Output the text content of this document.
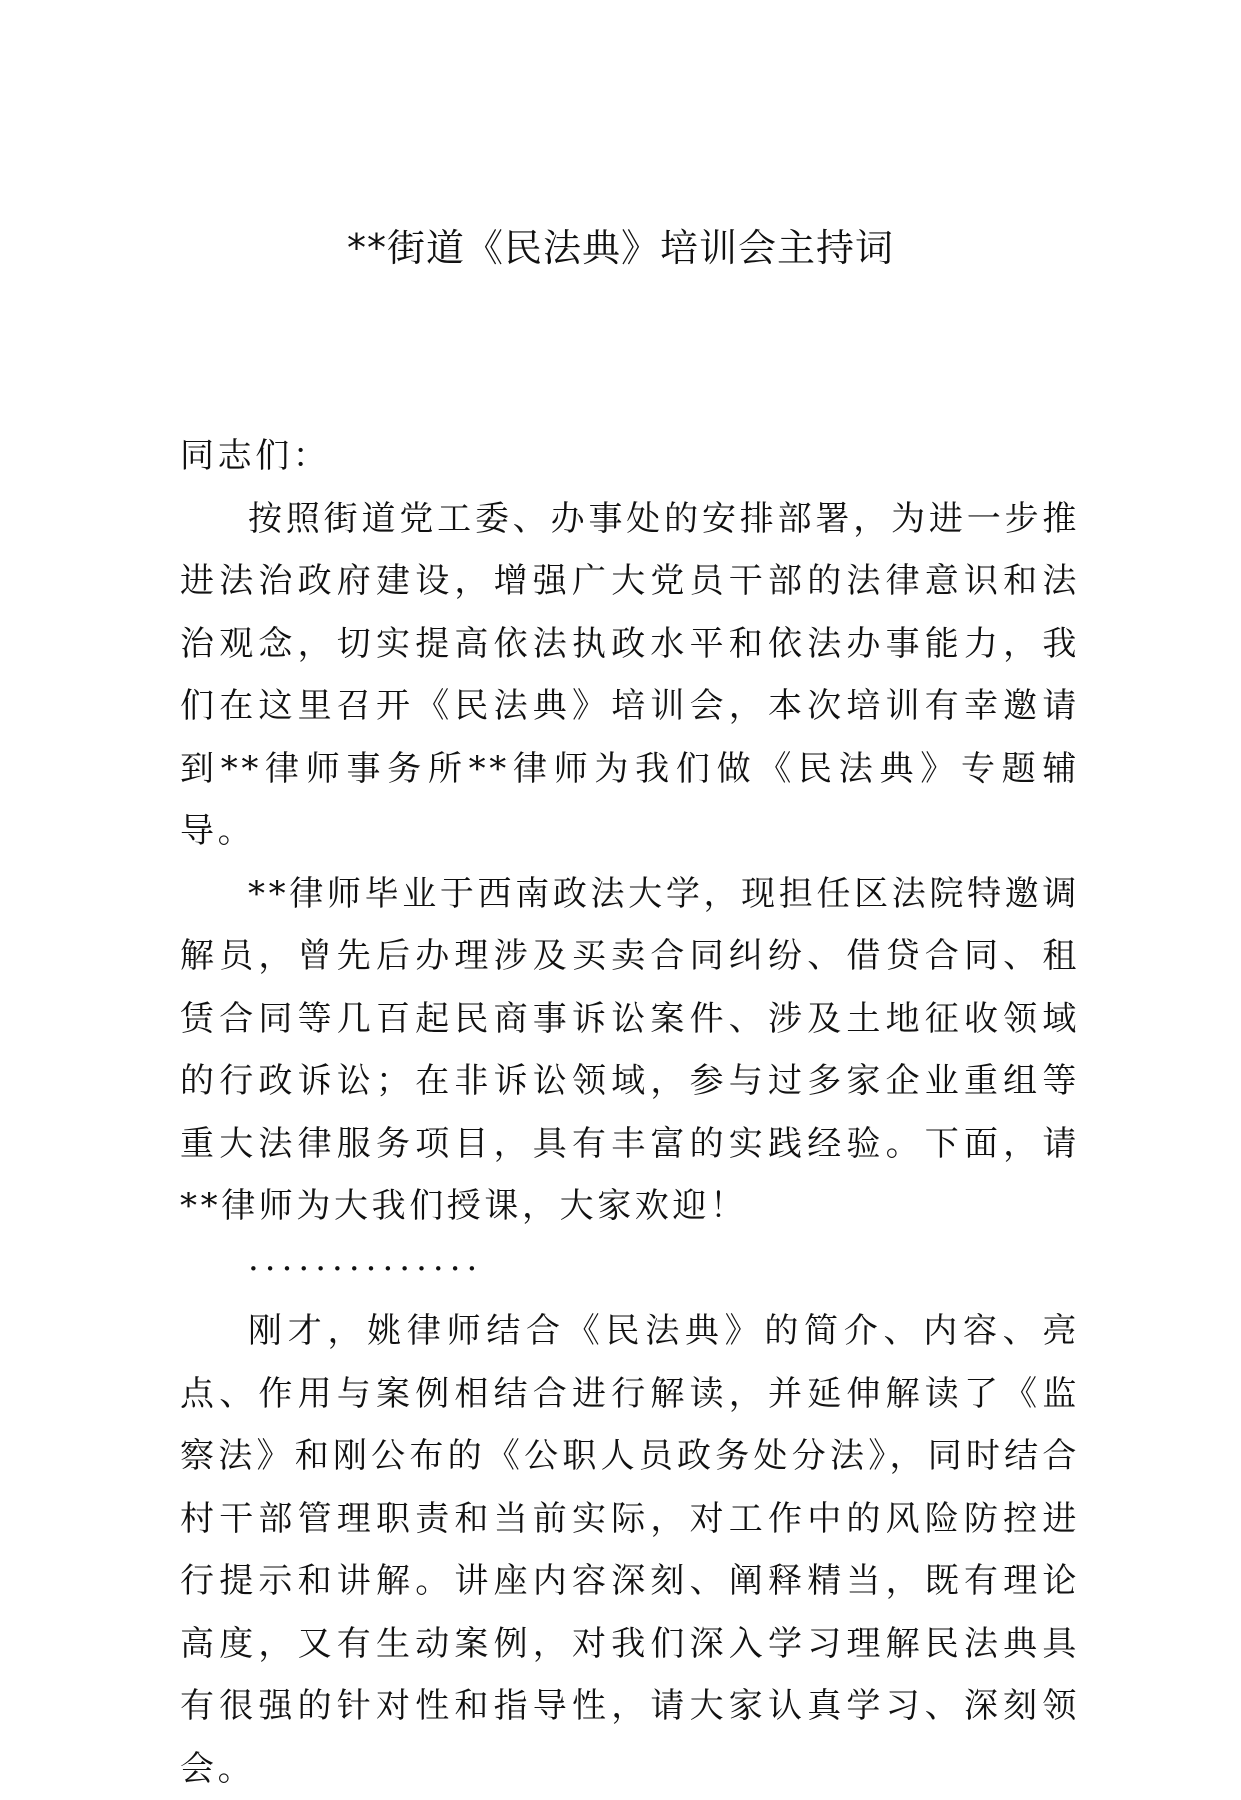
**街道《民法典》培训会主持词

同志们：

按照街道党工委、办事处的安排部署，为进一步推进法治政府建设，增强广大党员干部的法律意识和法治观念，切实提高依法执政水平和依法办事能力，我们在这里召开《民法典》培训会，本次培训有幸邀请到**律师事务所**律师为我们做《民法典》专题辅导。

**律师毕业于西南政法大学，现担任区法院特邀调解员，曾先后办理涉及买卖合同纠纷、借贷合同、租赁合同等几百起民商事诉讼案件、涉及土地征收领域的行政诉讼；在非诉讼领域，参与过多家企业重组等重大法律服务项目，具有丰富的实践经验。下面，请**律师为大我们授课，大家欢迎！

··············

刚才，姚律师结合《民法典》的简介、内容、亮点、作用与案例相结合进行解读，并延伸解读了《监察法》和刚公布的《公职人员政务处分法》，同时结合村干部管理职责和当前实际，对工作中的风险防控进行提示和讲解。讲座内容深刻、阐释精当，既有理论高度，又有生动案例，对我们深入学习理解民法典具有很强的针对性和指导性，请大家认真学习、深刻领会。
